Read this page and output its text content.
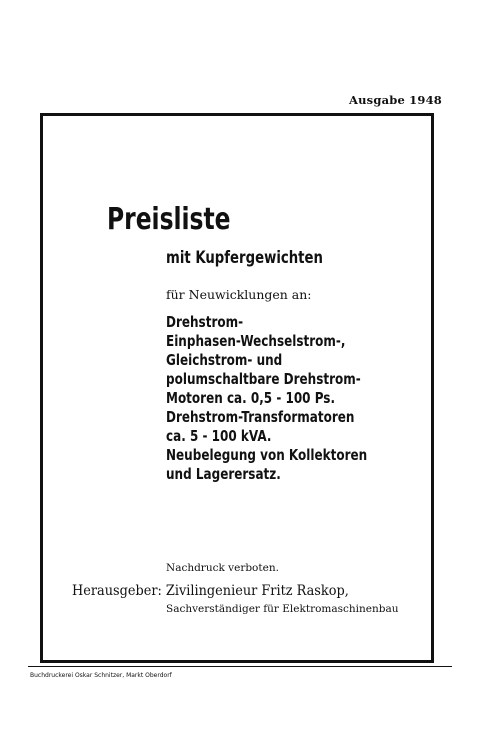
Ausgabe 1948
Preisliste
mit Kupfergewichten
für Neuwicklungen an:
Drehstrom-
Einphasen-Wechselstrom-,
Gleichstrom- und
polumschaltbare Drehstrom-
Motoren ca. 0,5 - 100 Ps.
Drehstrom-Transformatoren
ca. 5 - 100 kVA.
Neubelegung von Kollektoren
und Lagerersatz.
Nachdruck verboten.
Herausgeber: Zivilingenieur Fritz Raskop,
Sachverständiger für Elektromaschinenbau
Buchdruckerei Oskar Schnitzer, Markt Oberdorf
